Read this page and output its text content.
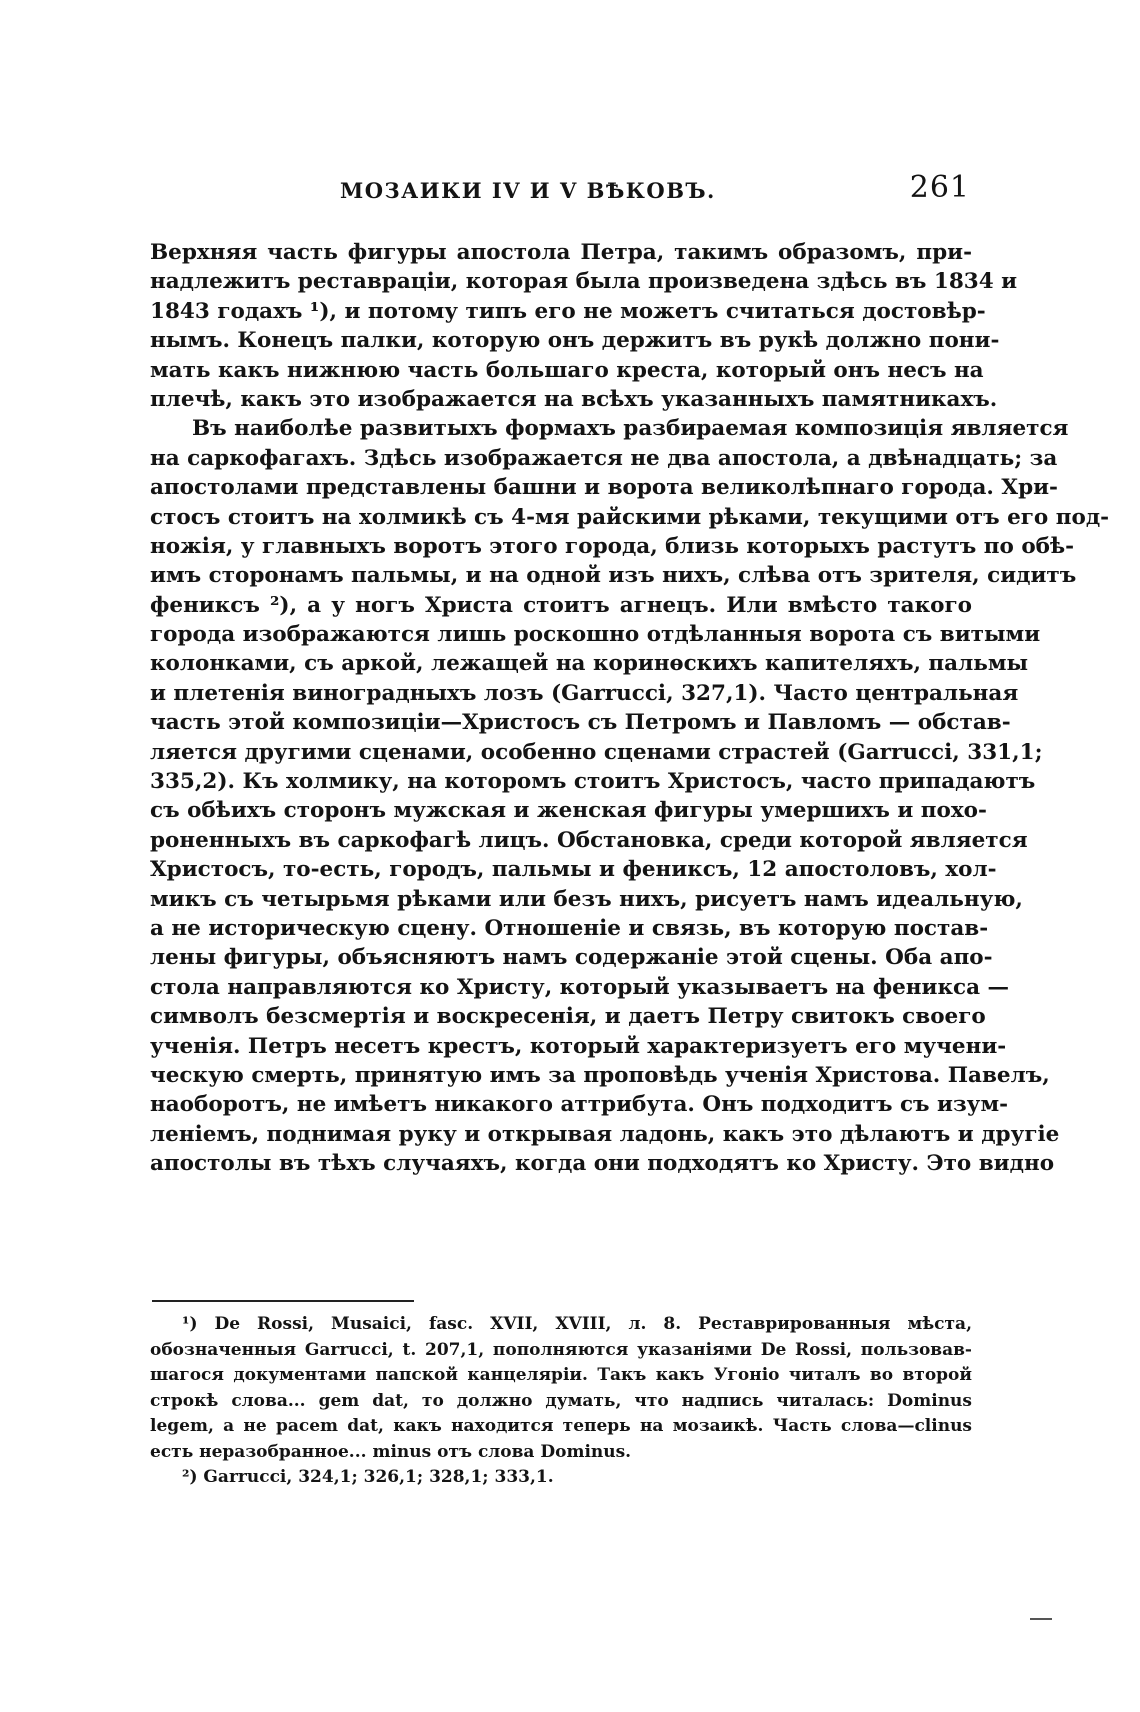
МОЗАИКИ IV И V ВѢКОВЪ.	261
Верхняя часть фигуры апостола Петра, такимъ образомъ, при-
надлежитъ реставраціи, которая была произведена здѣсь въ 1834 и
1843 годахъ ¹), и потому типъ его не можетъ считаться достовѣр-
нымъ. Конецъ палки, которую онъ держитъ въ рукѣ должно пони-
мать какъ нижнюю часть большаго креста, который онъ несъ на
плечѣ, какъ это изображается на всѣхъ указанныхъ памятникахъ.
Въ наиболѣе развитыхъ формахъ разбираемая композиція является
на саркофагахъ. Здѣсь изображается не два апостола, а двѣнадцать; за
апостолами представлены башни и ворота великолѣпнаго города. Хри-
стосъ стоитъ на холмикѣ съ 4-мя райскими рѣками, текущими отъ его под-
ножія, у главныхъ воротъ этого города, близь которыхъ растутъ по обѣ-
имъ сторонамъ пальмы, и на одной изъ нихъ, слѣва отъ зрителя, сидитъ
фениксъ ²), а у ногъ Христа стоитъ агнецъ. Или вмѣсто такого
города изображаются лишь роскошно отдѣланныя ворота съ витыми
колонками, съ аркой, лежащей на коринѳскихъ капителяхъ, пальмы
и плетенія виноградныхъ лозъ (Garrucci, 327,1). Часто центральная
часть этой композиціи—Христосъ съ Петромъ и Павломъ — обстав-
ляется другими сценами, особенно сценами страстей (Garrucci, 331,1;
335,2). Къ холмику, на которомъ стоитъ Христосъ, часто припадаютъ
съ обѣихъ сторонъ мужская и женская фигуры умершихъ и похо-
роненныхъ въ саркофагѣ лицъ. Обстановка, среди которой является
Христосъ, то-есть, городъ, пальмы и фениксъ, 12 апостоловъ, хол-
микъ съ четырьмя рѣками или безъ нихъ, рисуетъ намъ идеальную,
а не историческую сцену. Отношеніе и связь, въ которую постав-
лены фигуры, объясняютъ намъ содержаніе этой сцены. Оба апо-
стола направляются ко Христу, который указываетъ на феникса —
символъ безсмертія и воскресенія, и даетъ Петру свитокъ своего
ученія. Петръ несетъ крестъ, который характеризуетъ его мучени-
ческую смерть, принятую имъ за проповѣдь ученія Христова. Павелъ,
наоборотъ, не имѣетъ никакого аттрибута. Онъ подходитъ съ изум-
леніемъ, поднимая руку и открывая ладонь, какъ это дѣлаютъ и другіе
апостолы въ тѣхъ случаяхъ, когда они подходятъ ко Христу. Это видно
¹) De Rossi, Musaici, fasc. XVII, XVIII, л. 8. Реставрированныя мѣста,
обозначенныя Garrucci, t. 207,1, пополняются указаніями De Rossi, пользовав-
шагося документами папской канцеляріи. Такъ какъ Угоніо читалъ во второй
строкѣ слова... gem dat, то должно думать, что надпись читалась: Dominus
legem, а не pacem dat, какъ находится теперь на мозаикѣ. Часть слова—clinus
есть неразобранное... minus отъ слова Dominus.
²) Garrucci, 324,1; 326,1; 328,1; 333,1.
